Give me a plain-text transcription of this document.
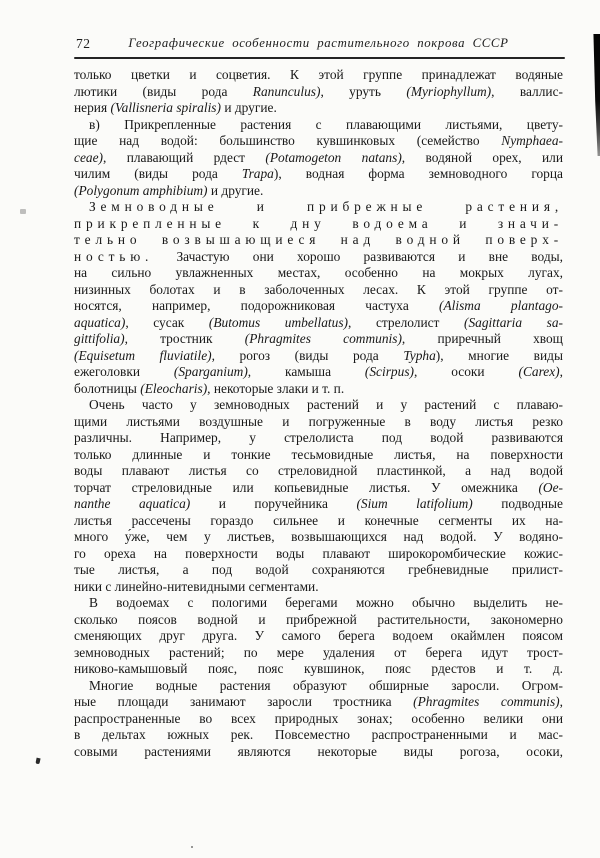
72	Географические особенности растительного покрова СССР
только цветки и соцветия. К этой группе принадлежат водяные
лютики (виды рода Ranunculus), уруть (Myriophyllum), валлис-
нерия (Vallisneria spiralis) и другие.
в) Прикрепленные растения с плавающими листьями, цвету-
щие над водой: большинство кувшинковых (семейство Nymphaea-
ceae), плавающий рдест (Potamogeton natans), водяной орех, или
чилим (виды рода Trapa), водная форма земноводного горца
(Polygonum amphibium) и другие.
Земноводные и прибрежные растения,
прикрепленные к дну водоема и значи-
тельно возвышающиеся над водной поверх-
ностью. Зачастую они хорошо развиваются и вне воды,
на сильно увлажненных местах, особенно на мокрых лугах,
низинных болотах и в заболоченных лесах. К этой группе от-
носятся, например, подорожниковая частуха (Alisma plantago-
aquatica), сусак (Butomus umbellatus), стрелолист (Sagittaria sa-
gittifolia), тростник (Phragmites communis), приречный хвощ
(Equisetum fluviatile), рогоз (виды рода Typha), многие виды
ежеголовки (Sparganium), камыша (Scirpus), осоки (Carex),
болотницы (Eleocharis), некоторые злаки и т. п.
Очень часто у земноводных растений и у растений с плаваю-
щими листьями воздушные и погруженные в воду листья резко
различны. Например, у стрелолиста под водой развиваются
только длинные и тонкие тесьмовидные листья, на поверхности
воды плавают листья со стреловидной пластинкой, а над водой
торчат стреловидные или копьевидные листья. У омежника (Oe-
nanthe aquatica) и поручейника (Sium latifolium) подводные
листья рассечены гораздо сильнее и конечные сегменты их на-
много у́же, чем у листьев, возвышающихся над водой. У водяно-
го ореха на поверхности воды плавают широкоромбические кожис-
тые листья, а под водой сохраняются гребневидные прилист-
ники с линейно-нитевидными сегментами.
В водоемах с пологими берегами можно обычно выделить не-
сколько поясов водной и прибрежной растительности, закономерно
сменяющих друг друга. У самого берега водоем окаймлен поясом
земноводных растений; по мере удаления от берега идут трост-
никово-камышовый пояс, пояс кувшинок, пояс рдестов и т. д.
Многие водные растения образуют обширные заросли. Огром-
ные площади занимают заросли тростника (Phragmites communis),
распространенные во всех природных зонах; особенно велики они
в дельтах южных рек. Повсеместно распространенными и мас-
совыми растениями являются некоторые виды рогоза, осоки,
